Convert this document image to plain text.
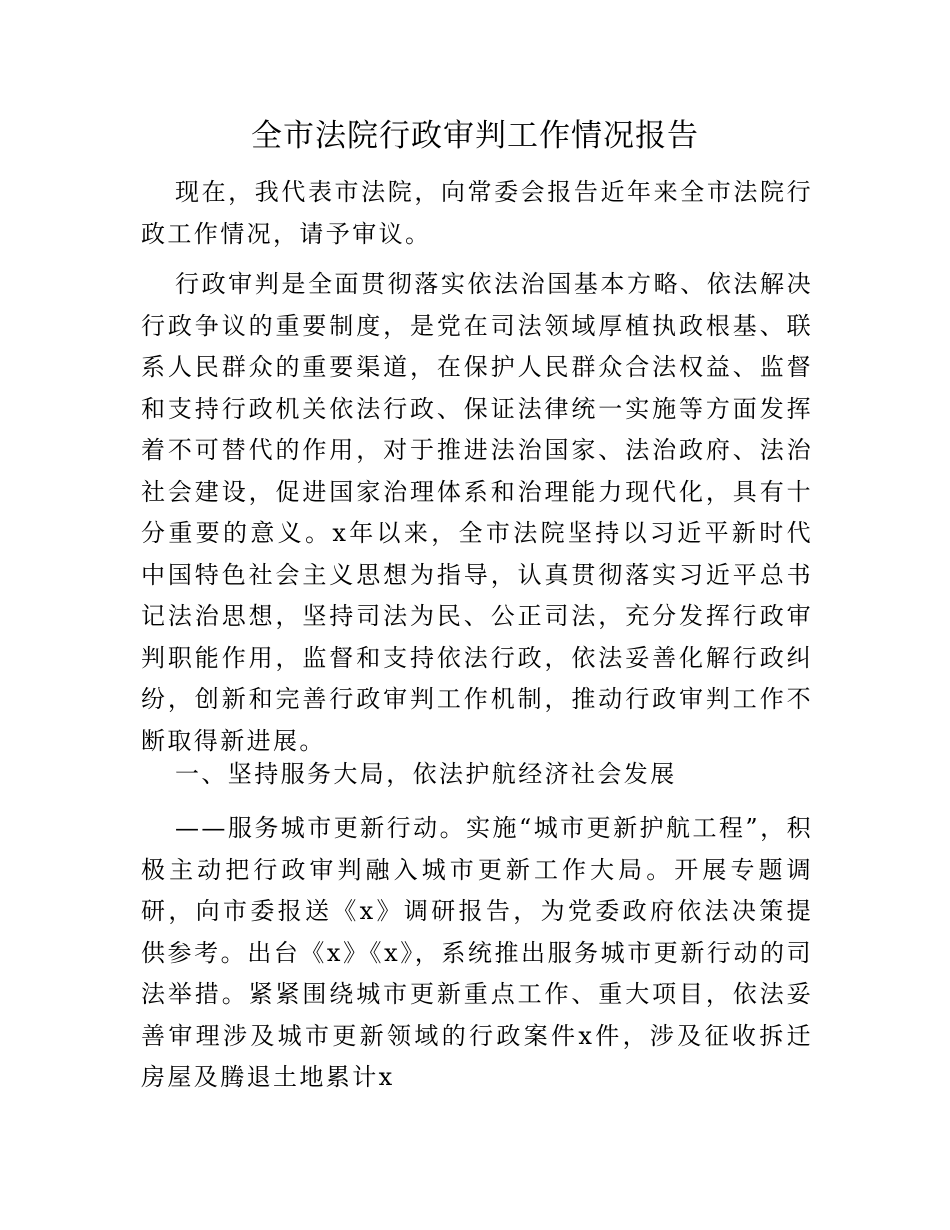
全市法院行政审判工作情况报告

现在，我代表市法院，向常委会报告近年来全市法院行政工作情况，请予审议。

行政审判是全面贯彻落实依法治国基本方略、依法解决行政争议的重要制度，是党在司法领域厚植执政根基、联系人民群众的重要渠道，在保护人民群众合法权益、监督和支持行政机关依法行政、保证法律统一实施等方面发挥着不可替代的作用，对于推进法治国家、法治政府、法治社会建设，促进国家治理体系和治理能力现代化，具有十分重要的意义。x年以来，全市法院坚持以习近平新时代中国特色社会主义思想为指导，认真贯彻落实习近平总书记法治思想，坚持司法为民、公正司法，充分发挥行政审判职能作用，监督和支持依法行政，依法妥善化解行政纠纷，创新和完善行政审判工作机制，推动行政审判工作不断取得新进展。

一、坚持服务大局，依法护航经济社会发展

——服务城市更新行动。实施“城市更新护航工程”，积极主动把行政审判融入城市更新工作大局。开展专题调研，向市委报送《x》调研报告，为党委政府依法决策提供参考。出台《x》《x》，系统推出服务城市更新行动的司法举措。紧紧围绕城市更新重点工作、重大项目，依法妥善审理涉及城市更新领域的行政案件x件，涉及征收拆迁房屋及腾退土地累计x
